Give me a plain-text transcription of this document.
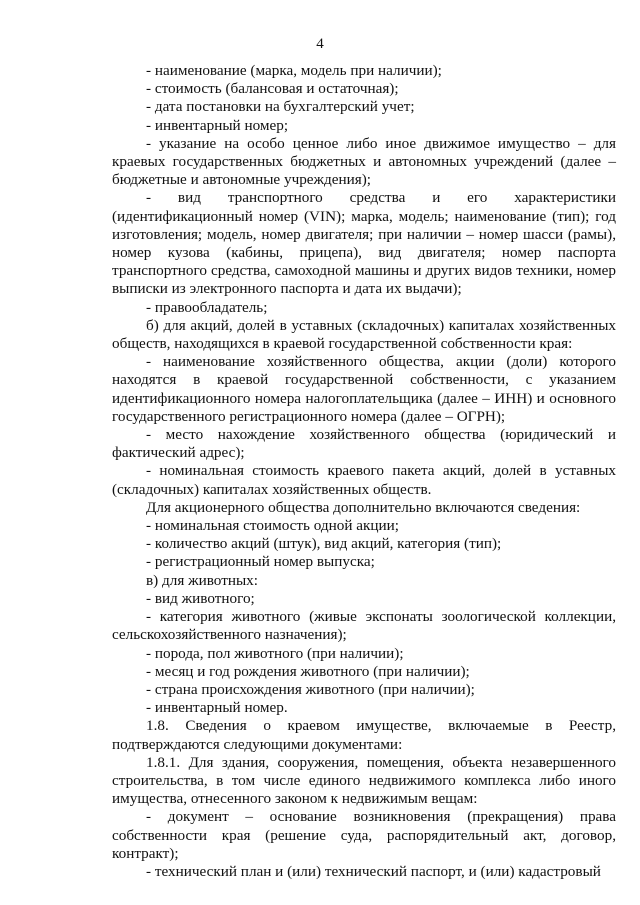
4

- наименование (марка, модель при наличии);

- стоимость (балансовая и остаточная);

- дата постановки на бухгалтерский учет;

- инвентарный номер;

- указание на особо ценное либо иное движимое имущество – для краевых государственных бюджетных и автономных учреждений (далее – бюджетные и автономные учреждения);

- вид транспортного средства и его характеристики (идентификационный номер (VIN); марка, модель; наименование (тип); год изготовления; модель, номер двигателя; при наличии – номер шасси (рамы), номер кузова (кабины, прицепа), вид двигателя; номер паспорта транспортного средства, самоходной машины и других видов техники, номер выписки из электронного паспорта и дата их выдачи);

- правообладатель;

б) для акций, долей в уставных (складочных) капиталах хозяйственных обществ, находящихся в краевой государственной собственности края:

- наименование хозяйственного общества, акции (доли) которого находятся в краевой государственной собственности, с указанием идентификационного номера налогоплательщика (далее – ИНН) и основного государственного регистрационного номера (далее – ОГРН);

- место нахождение хозяйственного общества (юридический и фактический адрес);

- номинальная стоимость краевого пакета акций, долей в уставных (складочных) капиталах хозяйственных обществ.

Для акционерного общества дополнительно включаются сведения:

- номинальная стоимость одной акции;

- количество акций (штук), вид акций, категория (тип);

- регистрационный номер выпуска;

в) для животных:

- вид животного;

- категория животного (живые экспонаты зоологической коллекции, сельскохозяйственного назначения);

- порода, пол животного (при наличии);

- месяц и год рождения животного (при наличии);

- страна происхождения животного (при наличии);

- инвентарный номер.

1.8. Сведения о краевом имуществе, включаемые в Реестр, подтверждаются следующими документами:

1.8.1. Для здания, сооружения, помещения, объекта незавершенного строительства, в том числе единого недвижимого комплекса либо иного имущества, отнесенного законом к недвижимым вещам:

- документ – основание возникновения (прекращения) права собственности края (решение суда, распорядительный акт, договор, контракт);

- технический план и (или) технический паспорт, и (или) кадастровый
